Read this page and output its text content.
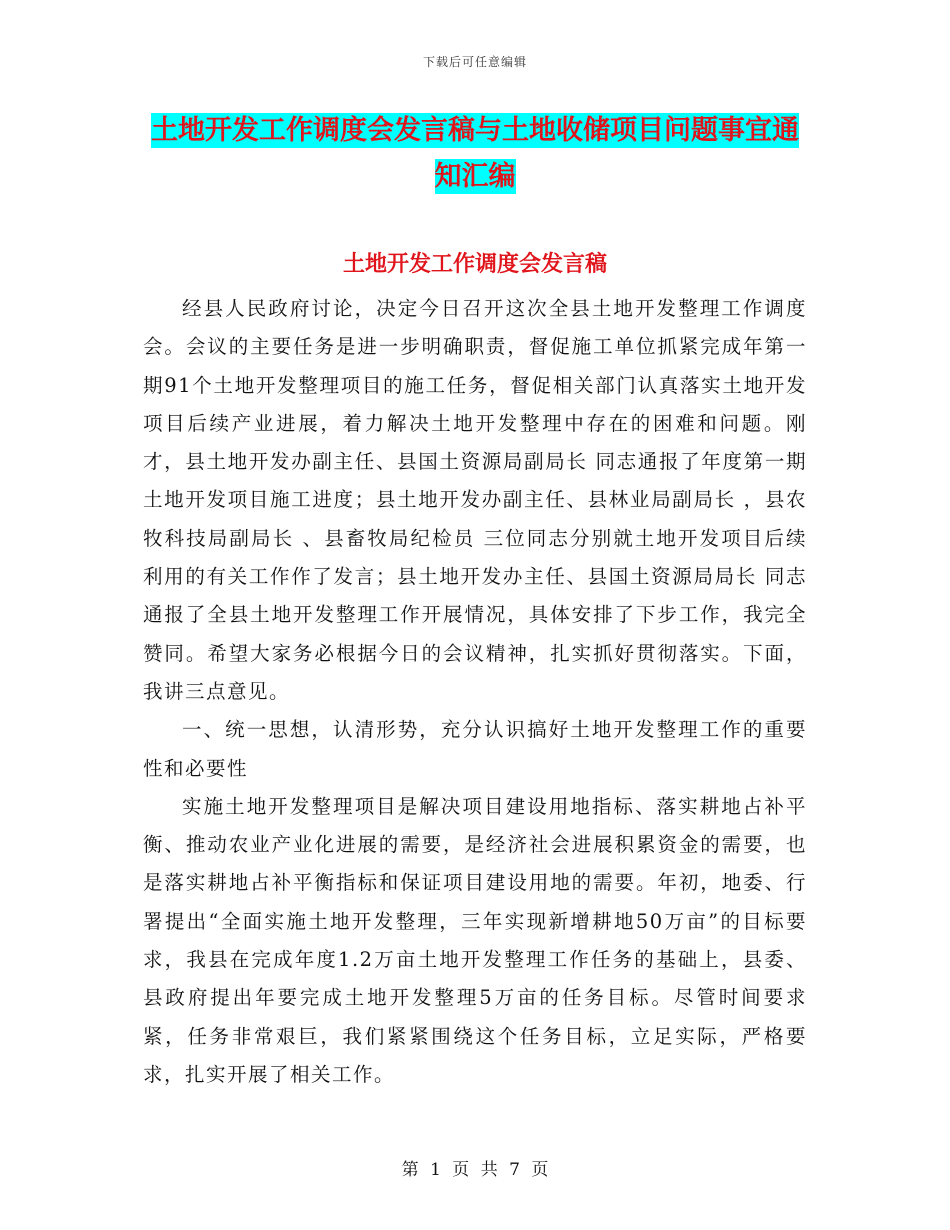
下载后可任意编辑
土地开发工作调度会发言稿与土地收储项目问题事宜通知汇编
土地开发工作调度会发言稿

经县人民政府讨论，决定今日召开这次全县土地开发整理工作调度会。会议的主要任务是进一步明确职责，督促施工单位抓紧完成年第一期91个土地开发整理项目的施工任务，督促相关部门认真落实土地开发项目后续产业进展，着力解决土地开发整理中存在的困难和问题。刚才，县土地开发办副主任、县国土资源局副局长 同志通报了年度第一期土地开发项目施工进度；县土地开发办副主任、县林业局副局长 ，县农牧科技局副局长 、县畜牧局纪检员 三位同志分别就土地开发项目后续利用的有关工作作了发言；县土地开发办主任、县国土资源局局长 同志通报了全县土地开发整理工作开展情况，具体安排了下步工作，我完全赞同。希望大家务必根据今日的会议精神，扎实抓好贯彻落实。下面，我讲三点意见。

一、统一思想，认清形势，充分认识搞好土地开发整理工作的重要性和必要性

实施土地开发整理项目是解决项目建设用地指标、落实耕地占补平衡、推动农业产业化进展的需要，是经济社会进展积累资金的需要，也是落实耕地占补平衡指标和保证项目建设用地的需要。年初，地委、行署提出“全面实施土地开发整理，三年实现新增耕地50万亩”的目标要求，我县在完成年度1.2万亩土地开发整理工作任务的基础上，县委、县政府提出年要完成土地开发整理5万亩的任务目标。尽管时间要求紧，任务非常艰巨，我们紧紧围绕这个任务目标，立足实际，严格要求，扎实开展了相关工作。

第 1 页 共 7 页
